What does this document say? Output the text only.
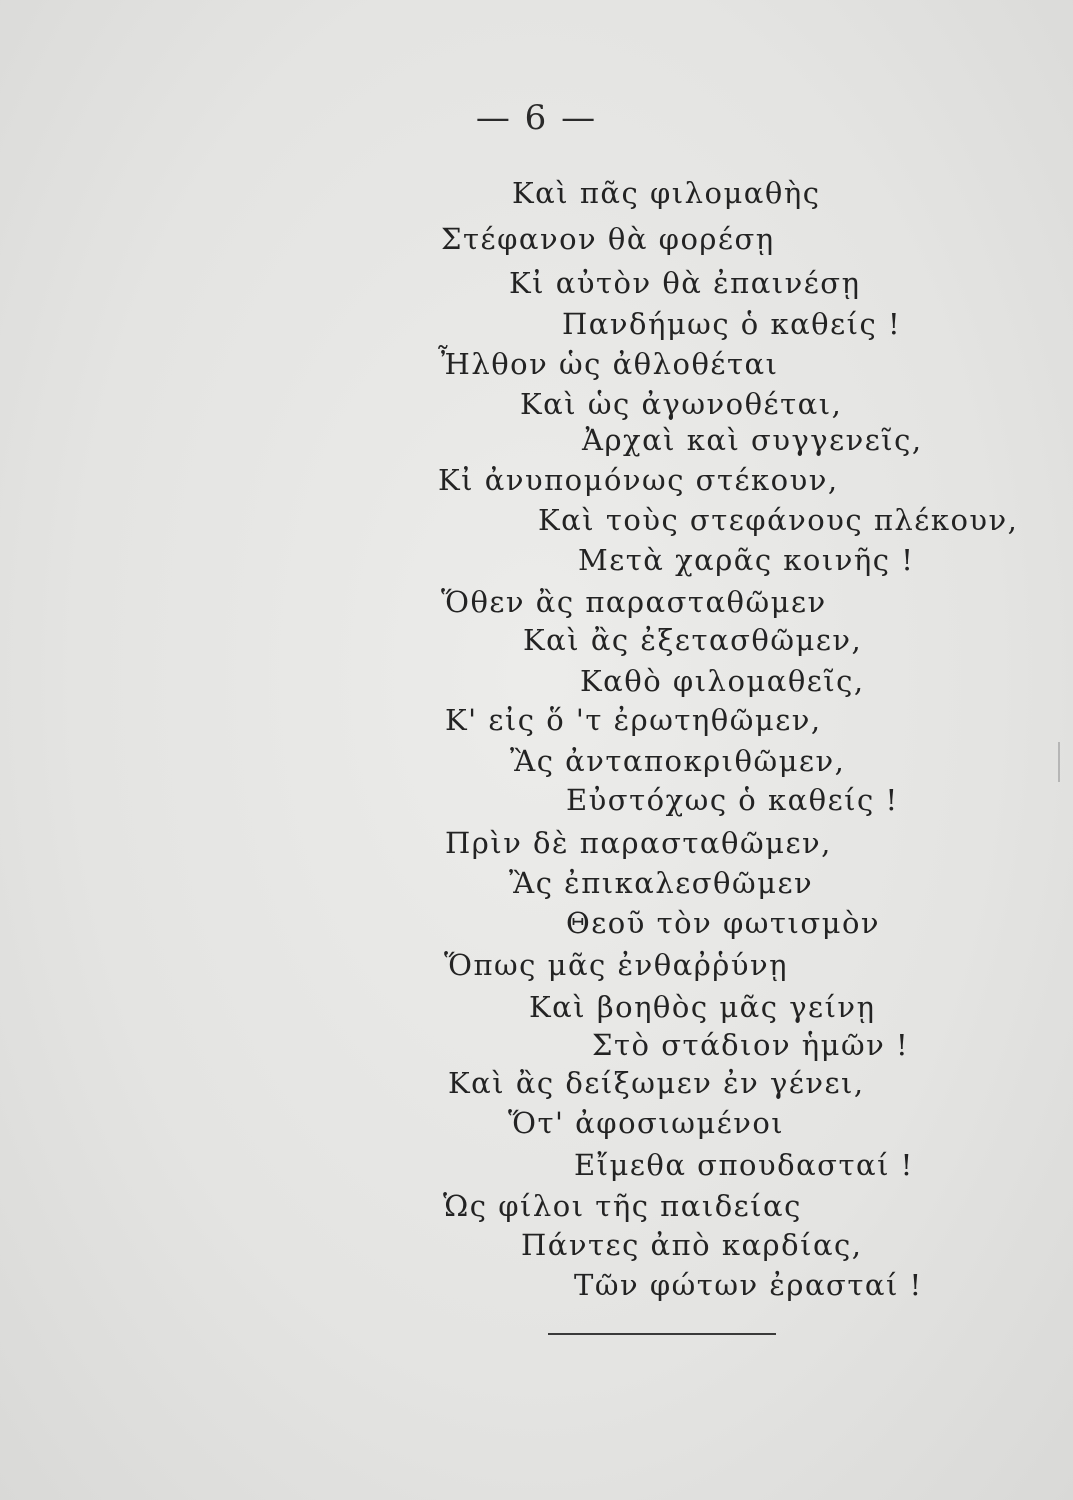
— 6 —
Καὶ πᾶς φιλομαθὴς
Στέφανον θὰ φορέσῃ
Κἰ αὐτὸν θὰ ἐπαινέσῃ
Πανδήμως ὁ καθείς !
Ἦλθον ὡς ἀθλοθέται
Καὶ ὡς ἀγωνοθέται,
Ἀρχαὶ καὶ συγγενεῖς,
Κἰ ἀνυπομόνως στέκουν,
Καὶ τοὺς στεφάνους πλέκουν,
Μετὰ χαρᾶς κοινῆς !
Ὅθεν ἂς παρασταθῶμεν
Καὶ ἂς ἐξετασθῶμεν,
Καθὸ φιλομαθεῖς,
Κ' εἰς ὅ 'τ ἐρωτηθῶμεν,
Ἂς ἀνταποκριθῶμεν,
Εὐστόχως ὁ καθείς !
Πρὶν δὲ παρασταθῶμεν,
Ἂς ἐπικαλεσθῶμεν
Θεοῦ τὸν φωτισμὸν
Ὅπως μᾶς ἐνθαῤῥύνῃ
Καὶ βοηθὸς μᾶς γείνῃ
Στὸ στάδιον ἡμῶν !
Καὶ ἂς δείξωμεν ἐν γένει,
Ὅτ' ἀφοσιωμένοι
Εἴμεθα σπουδασταί !
Ὡς φίλοι τῆς παιδείας
Πάντες ἀπὸ καρδίας,
Τῶν φώτων ἐρασταί !
